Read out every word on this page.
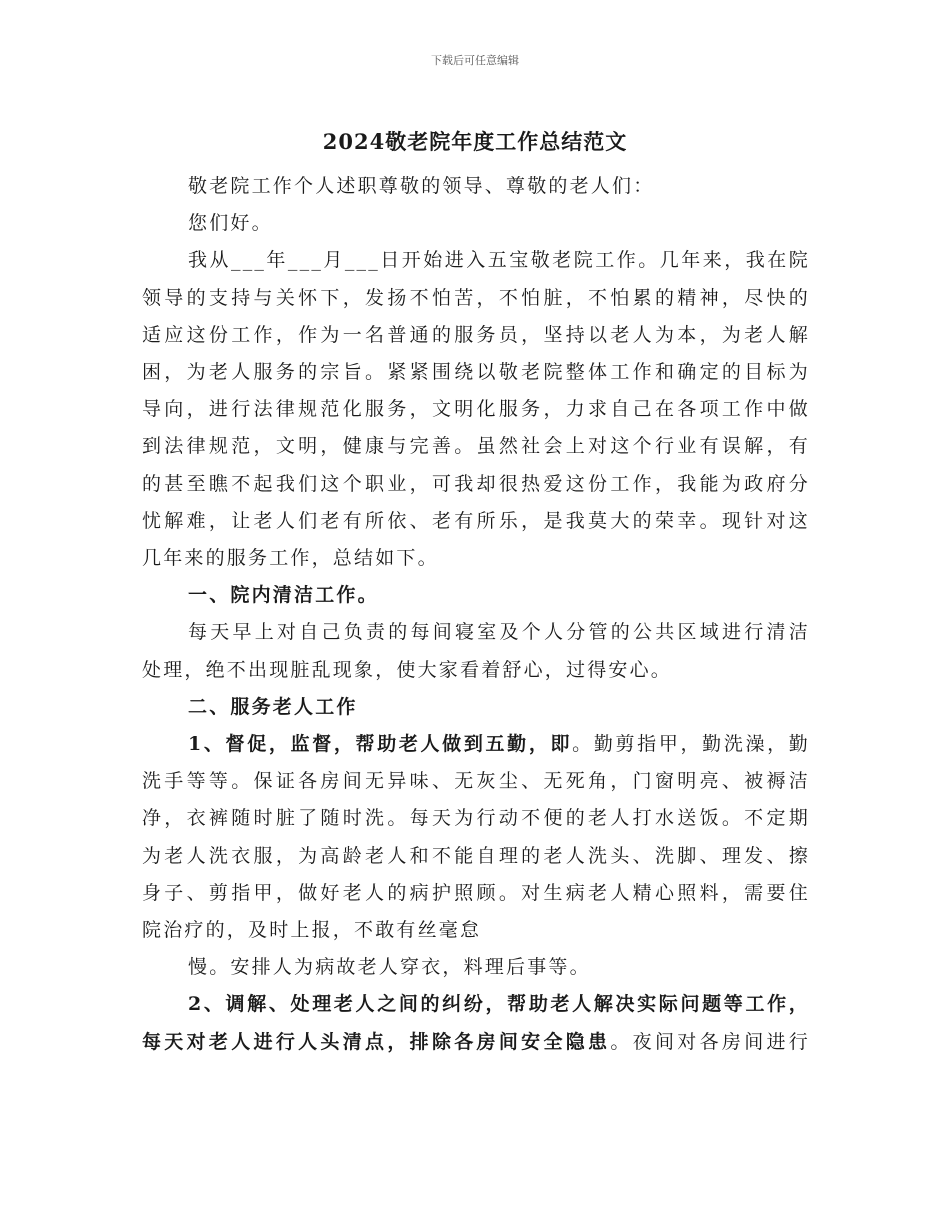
下载后可任意编辑
2024敬老院年度工作总结范文

敬老院工作个人述职尊敬的领导、尊敬的老人们：

您们好。

我从___年___月___日开始进入五宝敬老院工作。几年来，我在院

领导的支持与关怀下，发扬不怕苦，不怕脏，不怕累的精神，尽快的

适应这份工作，作为一名普通的服务员，坚持以老人为本，为老人解

困，为老人服务的宗旨。紧紧围绕以敬老院整体工作和确定的目标为

导向，进行法律规范化服务，文明化服务，力求自己在各项工作中做

到法律规范，文明，健康与完善。虽然社会上对这个行业有误解，有

的甚至瞧不起我们这个职业，可我却很热爱这份工作，我能为政府分

忧解难，让老人们老有所依、老有所乐，是我莫大的荣幸。现针对这

几年来的服务工作，总结如下。

一、院内清洁工作。

每天早上对自己负责的每间寝室及个人分管的公共区域进行清洁

处理，绝不出现脏乱现象，使大家看着舒心，过得安心。

二、服务老人工作

1、督促，监督，帮助老人做到五勤，即。勤剪指甲，勤洗澡，勤

洗手等等。保证各房间无异味、无灰尘、无死角，门窗明亮、被褥洁

净，衣裤随时脏了随时洗。每天为行动不便的老人打水送饭。不定期

为老人洗衣服，为高龄老人和不能自理的老人洗头、洗脚、理发、擦

身子、剪指甲，做好老人的病护照顾。对生病老人精心照料，需要住

院治疗的，及时上报，不敢有丝毫怠

慢。安排人为病故老人穿衣，料理后事等。

2、调解、处理老人之间的纠纷，帮助老人解决实际问题等工作，

每天对老人进行人头清点，排除各房间安全隐患。夜间对各房间进行
